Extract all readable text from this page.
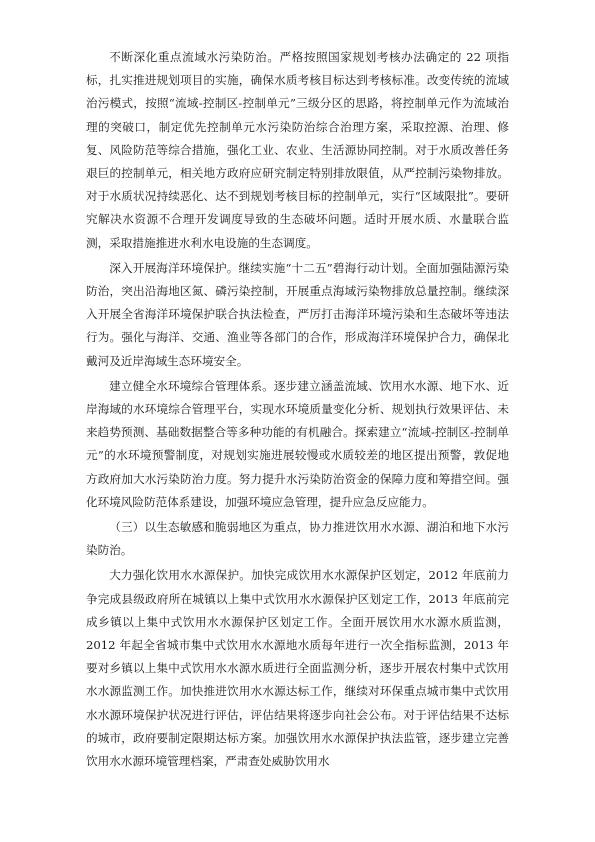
不断深化重点流域水污染防治。严格按照国家规划考核办法确定的 22 项指标，扎实推进规划项目的实施，确保水质考核目标达到考核标准。改变传统的流域治污模式，按照“流域-控制区-控制单元”三级分区的思路，将控制单元作为流域治理的突破口，制定优先控制单元水污染防治综合治理方案，采取控源、治理、修复、风险防范等综合措施，强化工业、农业、生活源协同控制。对于水质改善任务艰巨的控制单元，相关地方政府应研究制定特别排放限值，从严控制污染物排放。对于水质状况持续恶化、达不到规划考核目标的控制单元，实行“区域限批”。要研究解决水资源不合理开发调度导致的生态破坏问题。适时开展水质、水量联合监测，采取措施推进水利水电设施的生态调度。

深入开展海洋环境保护。继续实施“十二五”碧海行动计划。全面加强陆源污染防治，突出沿海地区氮、磷污染控制，开展重点海域污染物排放总量控制。继续深入开展全省海洋环境保护联合执法检查，严厉打击海洋环境污染和生态破坏等违法行为。强化与海洋、交通、渔业等各部门的合作，形成海洋环境保护合力，确保北戴河及近岸海域生态环境安全。

建立健全水环境综合管理体系。逐步建立涵盖流域、饮用水水源、地下水、近岸海域的水环境综合管理平台，实现水环境质量变化分析、规划执行效果评估、未来趋势预测、基础数据整合等多种功能的有机融合。探索建立“流域-控制区-控制单元”的水环境预警制度，对规划实施进展较慢或水质较差的地区提出预警，敦促地方政府加大水污染防治力度。努力提升水污染防治资金的保障力度和筹措空间。强化环境风险防范体系建设，加强环境应急管理，提升应急反应能力。

（三）以生态敏感和脆弱地区为重点，协力推进饮用水水源、湖泊和地下水污染防治。

大力强化饮用水水源保护。加快完成饮用水水源保护区划定，2012 年底前力争完成县级政府所在城镇以上集中式饮用水水源保护区划定工作，2013 年底前完成乡镇以上集中式饮用水水源保护区划定工作。全面开展饮用水水源水质监测，2012 年起全省城市集中式饮用水水源地水质每年进行一次全指标监测，2013 年要对乡镇以上集中式饮用水水源水质进行全面监测分析，逐步开展农村集中式饮用水水源监测工作。加快推进饮用水水源达标工作，继续对环保重点城市集中式饮用水水源环境保护状况进行评估，评估结果将逐步向社会公布。对于评估结果不达标的城市，政府要制定限期达标方案。加强饮用水水源保护执法监管，逐步建立完善饮用水水源环境管理档案，严肃查处威胁饮用水
